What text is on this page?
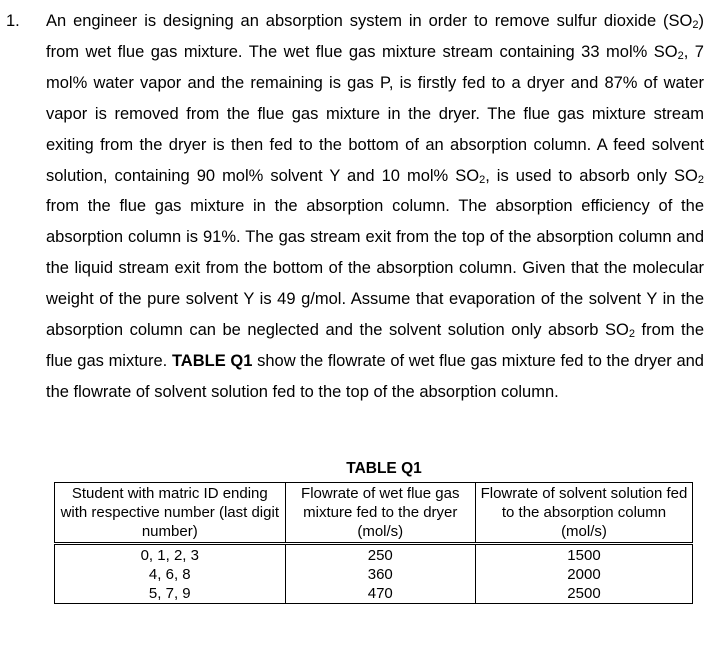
1. An engineer is designing an absorption system in order to remove sulfur dioxide $(SO_2)$ from wet flue gas mixture. The wet flue gas mixture stream containing 33 mol% $SO_2$, 7 mol% water vapor and the remaining is gas P, is firstly fed to a dryer and 87% of water vapor is removed from the flue gas mixture in the dryer. The flue gas mixture stream exiting from the dryer is then fed to the bottom of an absorption column. A feed solvent solution, containing 90 mol% solvent Y and 10 mol% $SO_2$, is used to absorb only $SO_2$ from the flue gas mixture in the absorption column. The absorption efficiency of the absorption column is 91%. The gas stream exit from the top of the absorption column and the liquid stream exit from the bottom of the absorption column. Given that the molecular weight of the pure solvent Y is 49 g/mol. Assume that evaporation of the solvent Y in the absorption column can be neglected and the solvent solution only absorb $SO_2$ from the flue gas mixture. TABLE Q1 show the flowrate of wet flue gas mixture fed to the dryer and the flowrate of solvent solution fed to the top of the absorption column.
TABLE Q1
Student with matric ID ending with respective number (last digit number)	Flowrate of wet flue gas mixture fed to the dryer (mol/s)	Flowrate of solvent solution fed to the absorption column (mol/s)
0, 1, 2, 3	250	1500
4, 6, 8	360	2000
5, 7, 9	470	2500
